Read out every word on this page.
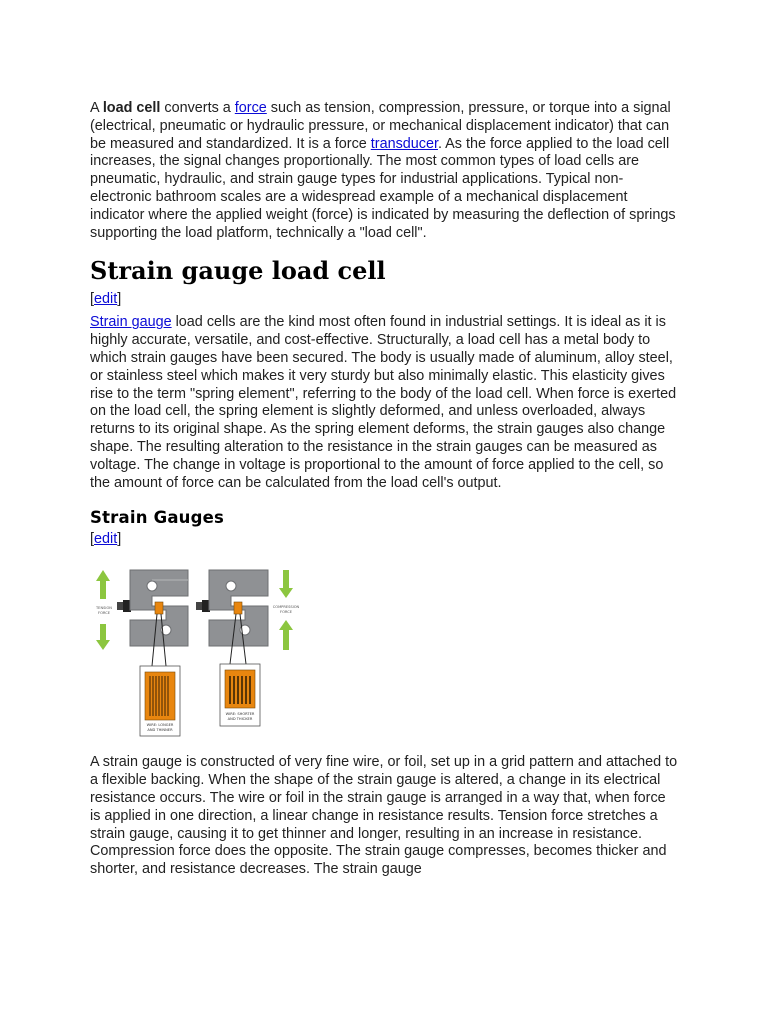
A load cell converts a force such as tension, compression, pressure, or torque into a signal (electrical, pneumatic or hydraulic pressure, or mechanical displacement indicator) that can be measured and standardized. It is a force transducer. As the force applied to the load cell increases, the signal changes proportionally. The most common types of load cells are pneumatic, hydraulic, and strain gauge types for industrial applications. Typical non-electronic bathroom scales are a widespread example of a mechanical displacement indicator where the applied weight (force) is indicated by measuring the deflection of springs supporting the load platform, technically a "load cell".

Strain gauge load cell
[edit]

Strain gauge load cells are the kind most often found in industrial settings. It is ideal as it is highly accurate, versatile, and cost-effective. Structurally, a load cell has a metal body to which strain gauges have been secured. The body is usually made of aluminum, alloy steel, or stainless steel which makes it very sturdy but also minimally elastic. This elasticity gives rise to the term "spring element", referring to the body of the load cell. When force is exerted on the load cell, the spring element is slightly deformed, and unless overloaded, always returns to its original shape. As the spring element deforms, the strain gauges also change shape. The resulting alteration to the resistance in the strain gauges can be measured as voltage. The change in voltage is proportional to the amount of force applied to the cell, so the amount of force can be calculated from the load cell's output.

Strain Gauges
[edit]
TENSION
FORCE
WIRE: LONGER
AND THINNER
WIRE: SHORTER
AND THICKER
COMPRESSION
FORCE

A strain gauge is constructed of very fine wire, or foil, set up in a grid pattern and attached to a flexible backing. When the shape of the strain gauge is altered, a change in its electrical resistance occurs. The wire or foil in the strain gauge is arranged in a way that, when force is applied in one direction, a linear change in resistance results. Tension force stretches a strain gauge, causing it to get thinner and longer, resulting in an increase in resistance. Compression force does the opposite. The strain gauge compresses, becomes thicker and shorter, and resistance decreases. The strain gauge
